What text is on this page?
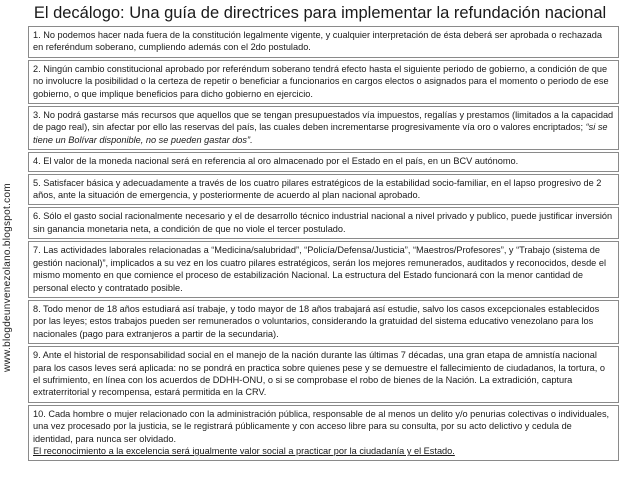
El decálogo: Una guía de directrices para implementar la refundación nacional
www.blogdeunvenezolano.blogspot.com
1. No podemos hacer nada fuera de la constitución legalmente vigente, y cualquier interpretación de ésta deberá ser aprobada o rechazada en referéndum soberano, cumpliendo además con el 2do postulado.
2. Ningún cambio constitucional aprobado por referéndum soberano tendrá efecto hasta el siguiente periodo de gobierno, a condición de que no involucre la posibilidad o la certeza de repetir o beneficiar a funcionarios en cargos electos o asignados para el momento o periodo de ese gobierno, o que implique beneficios para dicho gobierno en ejercicio.
3. No podrá gastarse más recursos que aquellos que se tengan presupuestados vía impuestos, regalías y prestamos (limitados a la capacidad de pago real), sin afectar por ello las reservas del país, las cuales deben incrementarse progresivamente vía oro o valores encriptados; “si se tiene un Bolívar disponible, no se pueden gastar dos”.
4. El valor de la moneda nacional será en referencia al oro almacenado por el Estado en el país, en un BCV autónomo.
5. Satisfacer básica y adecuadamente a través de los cuatro pilares estratégicos de la estabilidad socio-familiar, en el lapso progresivo de 2 años, ante la situación de emergencia, y posteriormente de acuerdo al plan nacional aprobado.
6. Sólo el gasto social racionalmente necesario y el de desarrollo técnico industrial nacional a nivel privado y publico, puede justificar inversión sin ganancia monetaria neta, a condición de que no viole el tercer postulado.
7. Las actividades laborales relacionadas a “Medicina/salubridad”, “Policía/Defensa/Justicia”, “Maestros/Profesores”, y “Trabajo (sistema de gestión nacional)”, implicados a su vez en los cuatro pilares estratégicos, serán los mejores remunerados, auditados y reconocidos, desde el mismo momento en que comience el proceso de estabilización Nacional. La estructura del Estado funcionará con la menor cantidad de personal electo y contratado posible.
8. Todo menor de 18 años estudiará así trabaje, y todo mayor de 18 años trabajará así estudie, salvo los casos excepcionales establecidos por las leyes; estos trabajos pueden ser remunerados o voluntarios, considerando la gratuidad del sistema educativo venezolano para los nacionales (pago para extranjeros a partir de la secundaria).
9. Ante el historial de responsabilidad social en el manejo de la nación durante las últimas 7 décadas, una gran etapa de amnistía nacional para los casos leves será aplicada: no se pondrá en practica sobre quienes pese y se demuestre el fallecimiento de ciudadanos, la tortura, o el sufrimiento, en línea con los acuerdos de DDHH-ONU, o si se comprobase el robo de bienes de la Nación. La extradición, captura extraterritorial y recompensa, estará permitida en la CRV.
10. Cada hombre o mujer relacionado con la administración pública, responsable de al menos un delito y/o penurias colectivas o individuales, una vez procesado por la justicia, se le registrará públicamente y con acceso libre para su consulta, por su acto delictivo y cedula de identidad, para nunca ser olvidado.
El reconocimiento a la excelencia será igualmente valor social a practicar por la ciudadanía y el Estado.
